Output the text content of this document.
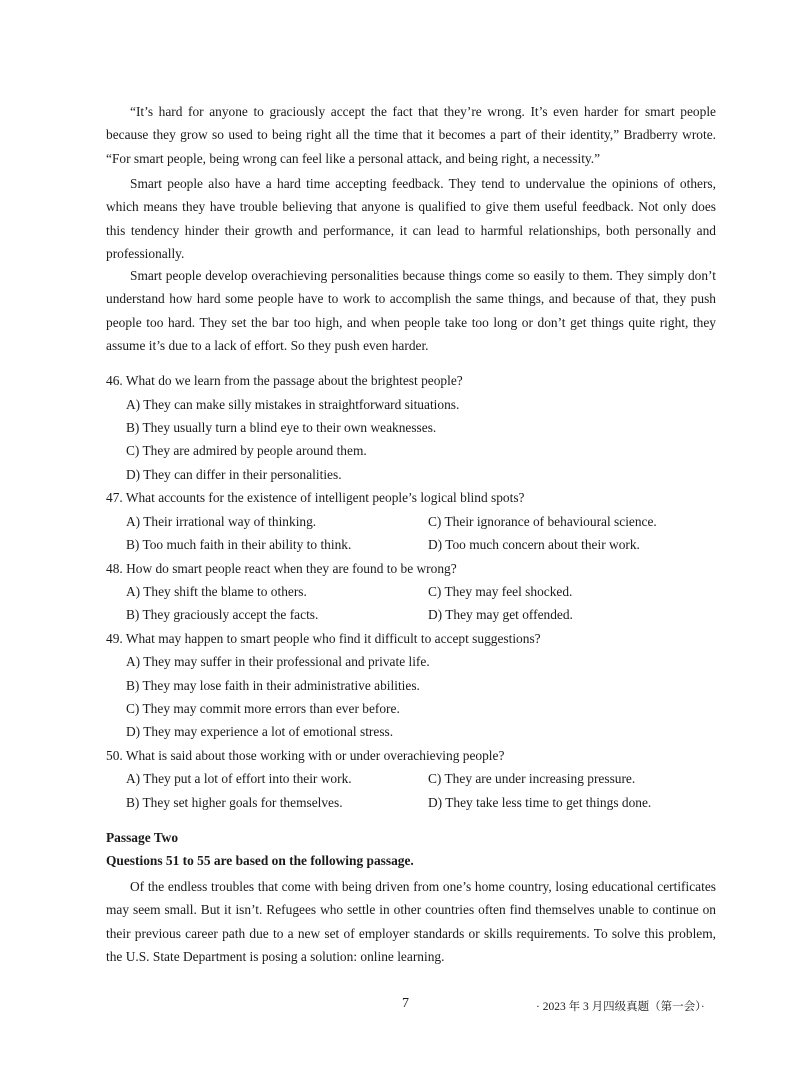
“It’s hard for anyone to graciously accept the fact that they’re wrong. It’s even harder for smart people because they grow so used to being right all the time that it becomes a part of their identity,” Bradberry wrote. “For smart people, being wrong can feel like a personal attack, and being right, a necessity.”

Smart people also have a hard time accepting feedback. They tend to undervalue the opinions of others, which means they have trouble believing that anyone is qualified to give them useful feedback. Not only does this tendency hinder their growth and performance, it can lead to harmful relationships, both personally and professionally.

Smart people develop overachieving personalities because things come so easily to them. They simply don’t understand how hard some people have to work to accomplish the same things, and because of that, they push people too hard. They set the bar too high, and when people take too long or don’t get things quite right, they assume it’s due to a lack of effort. So they push even harder.

46. What do we learn from the passage about the brightest people?

A) They can make silly mistakes in straightforward situations.

B) They usually turn a blind eye to their own weaknesses.

C) They are admired by people around them.

D) They can differ in their personalities.

47. What accounts for the existence of intelligent people’s logical blind spots?

A) Their irrational way of thinking.	C) Their ignorance of behavioural science.

B) Too much faith in their ability to think.	D) Too much concern about their work.

48. How do smart people react when they are found to be wrong?

A) They shift the blame to others.	C) They may feel shocked.

B) They graciously accept the facts.	D) They may get offended.

49. What may happen to smart people who find it difficult to accept suggestions?

A) They may suffer in their professional and private life.

B) They may lose faith in their administrative abilities.

C) They may commit more errors than ever before.

D) They may experience a lot of emotional stress.

50. What is said about those working with or under overachieving people?

A) They put a lot of effort into their work.	C) They are under increasing pressure.

B) They set higher goals for themselves.	D) They take less time to get things done.

Passage Two

Questions 51 to 55 are based on the following passage.

Of the endless troubles that come with being driven from one’s home country, losing educational certificates may seem small. But it isn’t. Refugees who settle in other countries often find themselves unable to continue on their previous career path due to a new set of employer standards or skills requirements. To solve this problem, the U.S. State Department is posing a solution: online learning.

7	· 2023 年 3 月四级真题（第一会）·
